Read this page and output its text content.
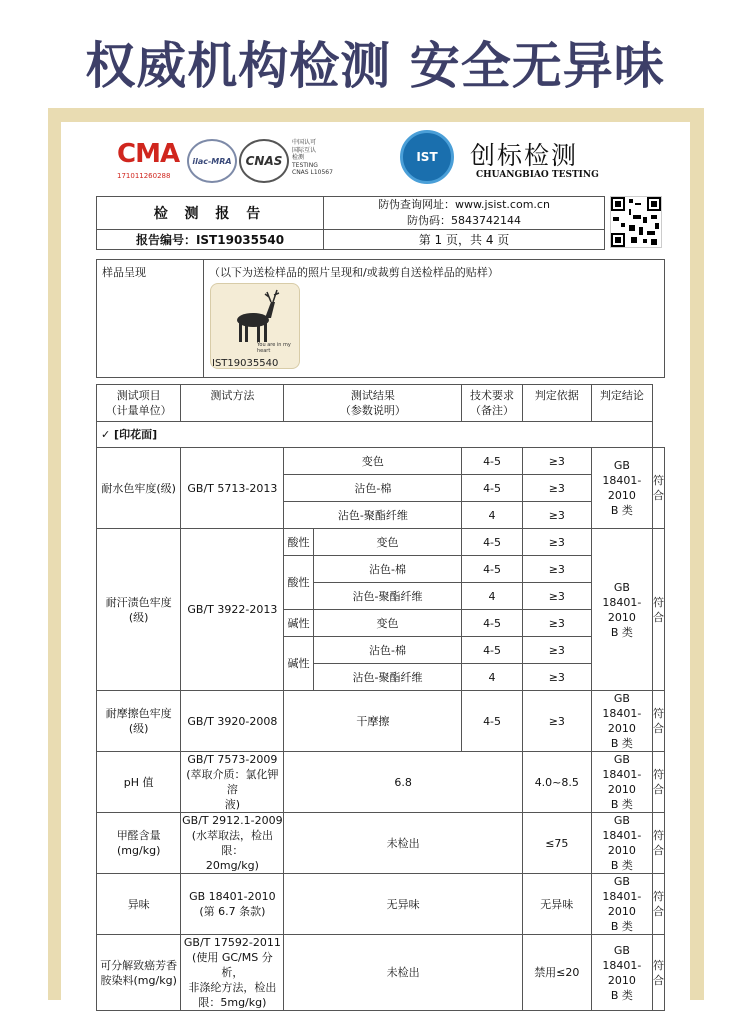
权威机构检测 安全无异味
CMA
171011260288
ilac-MRA	CNAS
中国认可
国际互认
检测
TESTING
CNAS L10567
IST	创标检测
CHUANGBIAO TESTING
检 测 报 告	防伪查询网址：www.jsist.com.cn
防伪码：5843742144

报告编号：IST19035540	第 1 页，共 4 页
样品呈现	（以下为送检样品的照片呈现和/或裁剪自送检样品的贴样）
You are in my heart
IST19035540
测试项目
（计量单位）	测试方法	测试结果
（参数说明）		技术要求
（备注）	判定依据	判定结论	
✓ [印花面]							
耐水色牢度(级)	GB/T 5713-2013	变色		4-5	≥3	GB
18401-2010
B 类	符合
		沾色-棉		4-5	≥3		
		沾色-聚酯纤维		4	≥3		
耐汗渍色牢度
(级)	GB/T 3922-2013	酸性	变色	4-5	≥3	GB
18401-2010
B 类	符合
		酸性	沾色-棉	4-5	≥3		
			沾色-聚酯纤维	4	≥3		
		碱性	变色	4-5	≥3		
		碱性	沾色-棉	4-5	≥3		
			沾色-聚酯纤维	4	≥3		
耐摩擦色牢度
(级)	GB/T 3920-2008	干摩擦		4-5	≥3	GB
18401-2010
B 类	符合
pH 值	GB/T 7573-2009
(萃取介质：氯化钾溶
液)	6.8			4.0~8.5	GB
18401-2010
B 类	符合
甲醛含量
(mg/kg)	GB/T 2912.1-2009
(水萃取法，检出限：
20mg/kg)	未检出			≤75	GB
18401-2010
B 类	符合
异味	GB 18401-2010
(第 6.7 条款)	无异味			无异味	GB
18401-2010
B 类	符合
可分解致癌芳香
胺染料(mg/kg)	GB/T 17592-2011
(使用 GC/MS 分析，
非涤纶方法，检出
限：5mg/kg)	未检出			禁用≤20	GB
18401-2010
B 类	符合
